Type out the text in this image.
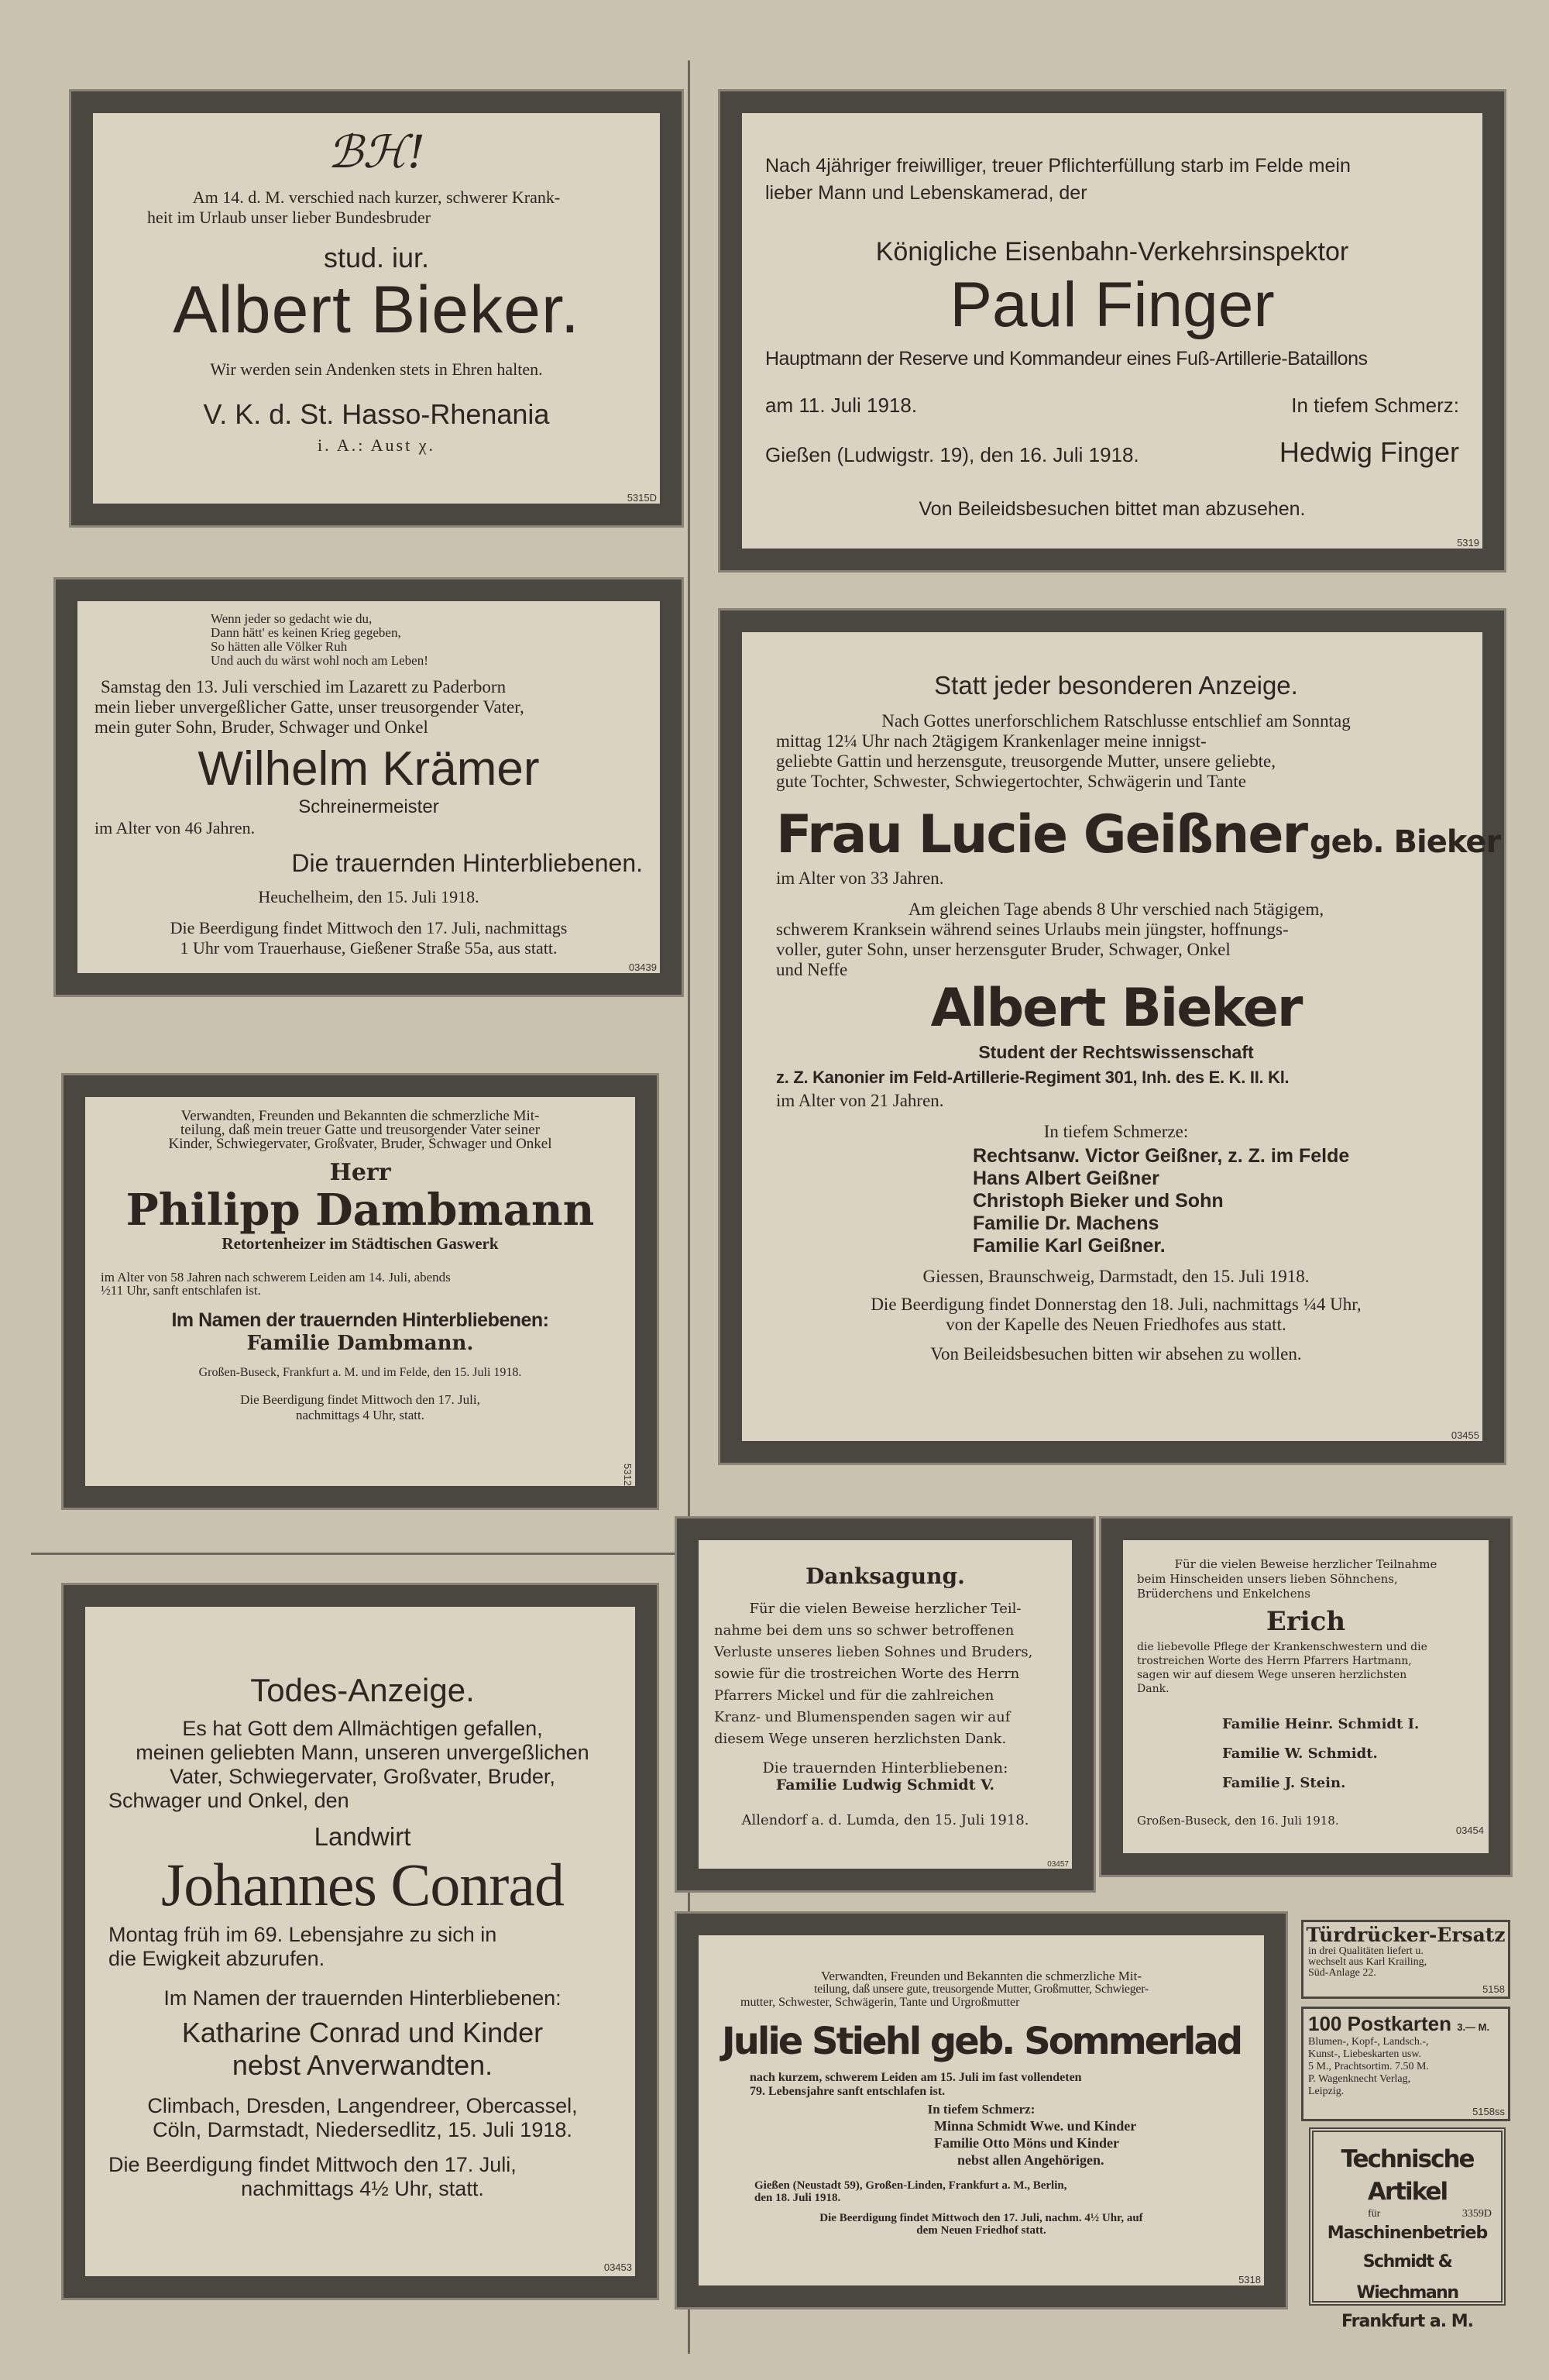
ℬℋ!

Am 14. d. M. verschied nach kurzer, schwerer Krank-

heit im Urlaub unser lieber Bundesbruder

stud. iur.

Albert Bieker.

Wir werden sein Andenken stets in Ehren halten.

V. K. d. St. Hasso-Rhenania

i. A.: Aust χ.

5315D

Nach 4jähriger freiwilliger, treuer Pflichterfüllung starb im Felde mein

lieber Mann und Lebenskamerad, der

Königliche Eisenbahn-Verkehrsinspektor

Paul Finger

Hauptmann der Reserve und Kommandeur eines Fuß-Artillerie-Bataillons

am 11. Juli 1918.	In tiefem Schmerz:
Gießen (Ludwigstr. 19), den 16. Juli 1918.	Hedwig Finger

Von Beileidsbesuchen bittet man abzusehen.

5319

Wenn jeder so gedacht wie du,

Dann hätt' es keinen Krieg gegeben,

So hätten alle Völker Ruh

Und auch du wärst wohl noch am Leben!

Samstag den 13. Juli verschied im Lazarett zu Paderborn

mein lieber unvergeßlicher Gatte, unser treusorgender Vater,

mein guter Sohn, Bruder, Schwager und Onkel

Wilhelm Krämer

Schreinermeister

im Alter von 46 Jahren.

Die trauernden Hinterbliebenen.

Heuchelheim, den 15. Juli 1918.

Die Beerdigung findet Mittwoch den 17. Juli, nachmittags

1 Uhr vom Trauerhause, Gießener Straße 55a, aus statt.

03439

Verwandten, Freunden und Bekannten die schmerzliche Mit-

teilung, daß mein treuer Gatte und treusorgender Vater seiner

Kinder, Schwiegervater, Großvater, Bruder, Schwager und Onkel

Herr

Philipp Dambmann

Retortenheizer im Städtischen Gaswerk

im Alter von 58 Jahren nach schwerem Leiden am 14. Juli, abends

½11 Uhr, sanft entschlafen ist.

Im Namen der trauernden Hinterbliebenen:

Familie Dambmann.

Großen-Buseck, Frankfurt a. M. und im Felde, den 15. Juli 1918.

Die Beerdigung findet Mittwoch den 17. Juli,

nachmittags 4 Uhr, statt.

5312

Statt jeder besonderen Anzeige.

Nach Gottes unerforschlichem Ratschlusse entschlief am Sonntag

mittag 12¼ Uhr nach 2tägigem Krankenlager meine innigst-

geliebte Gattin und herzensgute, treusorgende Mutter, unsere geliebte,

gute Tochter, Schwester, Schwiegertochter, Schwägerin und Tante

Frau Lucie Geißner geb. Bieker

im Alter von 33 Jahren.

Am gleichen Tage abends 8 Uhr verschied nach 5tägigem,

schwerem Kranksein während seines Urlaubs mein jüngster, hoffnungs-

voller, guter Sohn, unser herzensguter Bruder, Schwager, Onkel

und Neffe

Albert Bieker

Student der Rechtswissenschaft

z. Z. Kanonier im Feld-Artillerie-Regiment 301, Inh. des E. K. II. Kl.

im Alter von 21 Jahren.

In tiefem Schmerze:

Rechtsanw. Victor Geißner, z. Z. im Felde

Hans Albert Geißner

Christoph Bieker und Sohn

Familie Dr. Machens

Familie Karl Geißner.

Giessen, Braunschweig, Darmstadt, den 15. Juli 1918.

Die Beerdigung findet Donnerstag den 18. Juli, nachmittags ¼4 Uhr,

von der Kapelle des Neuen Friedhofes aus statt.

Von Beileidsbesuchen bitten wir absehen zu wollen.

03455

Todes-Anzeige.

Es hat Gott dem Allmächtigen gefallen,

meinen geliebten Mann, unseren unvergeßlichen

Vater, Schwiegervater, Großvater, Bruder,

Schwager und Onkel, den

Landwirt

Johannes Conrad

Montag früh im 69. Lebensjahre zu sich in

die Ewigkeit abzurufen.

Im Namen der trauernden Hinterbliebenen:

Katharine Conrad und Kinder

nebst Anverwandten.

Climbach, Dresden, Langendreer, Obercassel,

Cöln, Darmstadt, Niedersedlitz, 15. Juli 1918.

Die Beerdigung findet Mittwoch den 17. Juli,

nachmittags 4½ Uhr, statt.

03453

Danksagung.

Für die vielen Beweise herzlicher Teil-

nahme bei dem uns so schwer betroffenen

Verluste unseres lieben Sohnes und Bruders,

sowie für die trostreichen Worte des Herrn

Pfarrers Mickel und für die zahlreichen

Kranz- und Blumenspenden sagen wir auf

diesem Wege unseren herzlichsten Dank.

Die trauernden Hinterbliebenen:

Familie Ludwig Schmidt V.

Allendorf a. d. Lumda, den 15. Juli 1918.

03457

Für die vielen Beweise herzlicher Teilnahme

beim Hinscheiden unsers lieben Söhnchens,

Brüderchens und Enkelchens

Erich

die liebevolle Pflege der Krankenschwestern und die

trostreichen Worte des Herrn Pfarrers Hartmann,

sagen wir auf diesem Wege unseren herzlichsten

Dank.

Familie Heinr. Schmidt I.

Familie W. Schmidt.

Familie J. Stein.

Großen-Buseck, den 16. Juli 1918.

03454

Verwandten, Freunden und Bekannten die schmerzliche Mit-

teilung, daß unsere gute, treusorgende Mutter, Großmutter, Schwieger-

mutter, Schwester, Schwägerin, Tante und Urgroßmutter

Julie Stiehl geb. Sommerlad

nach kurzem, schwerem Leiden am 15. Juli im fast vollendeten

79. Lebensjahre sanft entschlafen ist.

In tiefem Schmerz:

Minna Schmidt Wwe. und Kinder

Familie Otto Möns und Kinder

nebst allen Angehörigen.

Gießen (Neustadt 59), Großen-Linden, Frankfurt a. M., Berlin,

den 18. Juli 1918.

Die Beerdigung findet Mittwoch den 17. Juli, nachm. 4½ Uhr, auf

dem Neuen Friedhof statt.

5318

Türdrücker-Ersatz

in drei Qualitäten liefert u.

wechselt aus Karl Krailing,

Süd-Anlage 22.

5158

100 Postkarten 3.— M.

Blumen-, Kopf-, Landsch.-,

Kunst-, Liebeskarten usw.

5 M., Prachtsortim. 7.50 M.

P. Wagenknecht Verlag,

Leipzig.

5158ss

Technische Artikel

für	3359D

Maschinenbetrieb

Schmidt & Wiechmann

Frankfurt a. M.
